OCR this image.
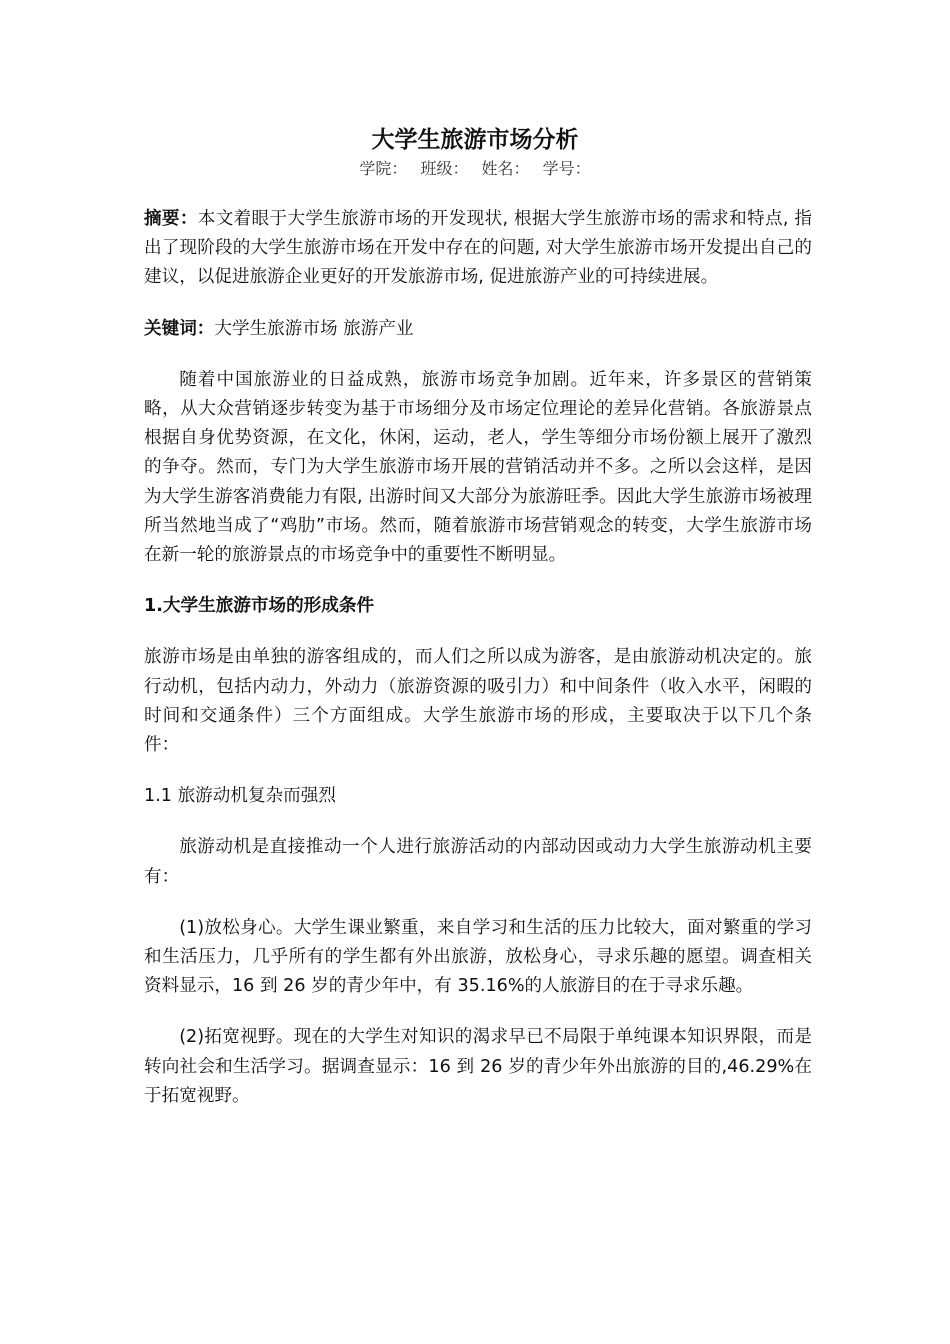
大学生旅游市场分析
学院： 班级： 姓名： 学号：

摘要：本文着眼于大学生旅游市场的开发现状, 根据大学生旅游市场的需求和特点, 指出了现阶段的大学生旅游市场在开发中存在的问题, 对大学生旅游市场开发提出自己的建议，以促进旅游企业更好的开发旅游市场, 促进旅游产业的可持续进展。

关键词：大学生旅游市场 旅游产业

随着中国旅游业的日益成熟，旅游市场竞争加剧。近年来，许多景区的营销策略，从大众营销逐步转变为基于市场细分及市场定位理论的差异化营销。各旅游景点根据自身优势资源，在文化，休闲，运动，老人，学生等细分市场份额上展开了激烈的争夺。然而，专门为大学生旅游市场开展的营销活动并不多。之所以会这样，是因为大学生游客消费能力有限, 出游时间又大部分为旅游旺季。因此大学生旅游市场被理所当然地当成了“鸡肋”市场。然而，随着旅游市场营销观念的转变，大学生旅游市场在新一轮的旅游景点的市场竞争中的重要性不断明显。

1.大学生旅游市场的形成条件

旅游市场是由单独的游客组成的，而人们之所以成为游客，是由旅游动机决定的。旅行动机，包括内动力，外动力（旅游资源的吸引力）和中间条件（收入水平，闲暇的时间和交通条件）三个方面组成。大学生旅游市场的形成，主要取决于以下几个条件：

1.1 旅游动机复杂而强烈

旅游动机是直接推动一个人进行旅游活动的内部动因或动力大学生旅游动机主要有：

(1)放松身心。大学生课业繁重，来自学习和生活的压力比较大，面对繁重的学习和生活压力，几乎所有的学生都有外出旅游，放松身心，寻求乐趣的愿望。调查相关资料显示，16 到 26 岁的青少年中，有 35.16%的人旅游目的在于寻求乐趣。

(2)拓宽视野。现在的大学生对知识的渴求早已不局限于单纯课本知识界限，而是转向社会和生活学习。据调查显示：16 到 26 岁的青少年外出旅游的目的,46.29%在于拓宽视野。
